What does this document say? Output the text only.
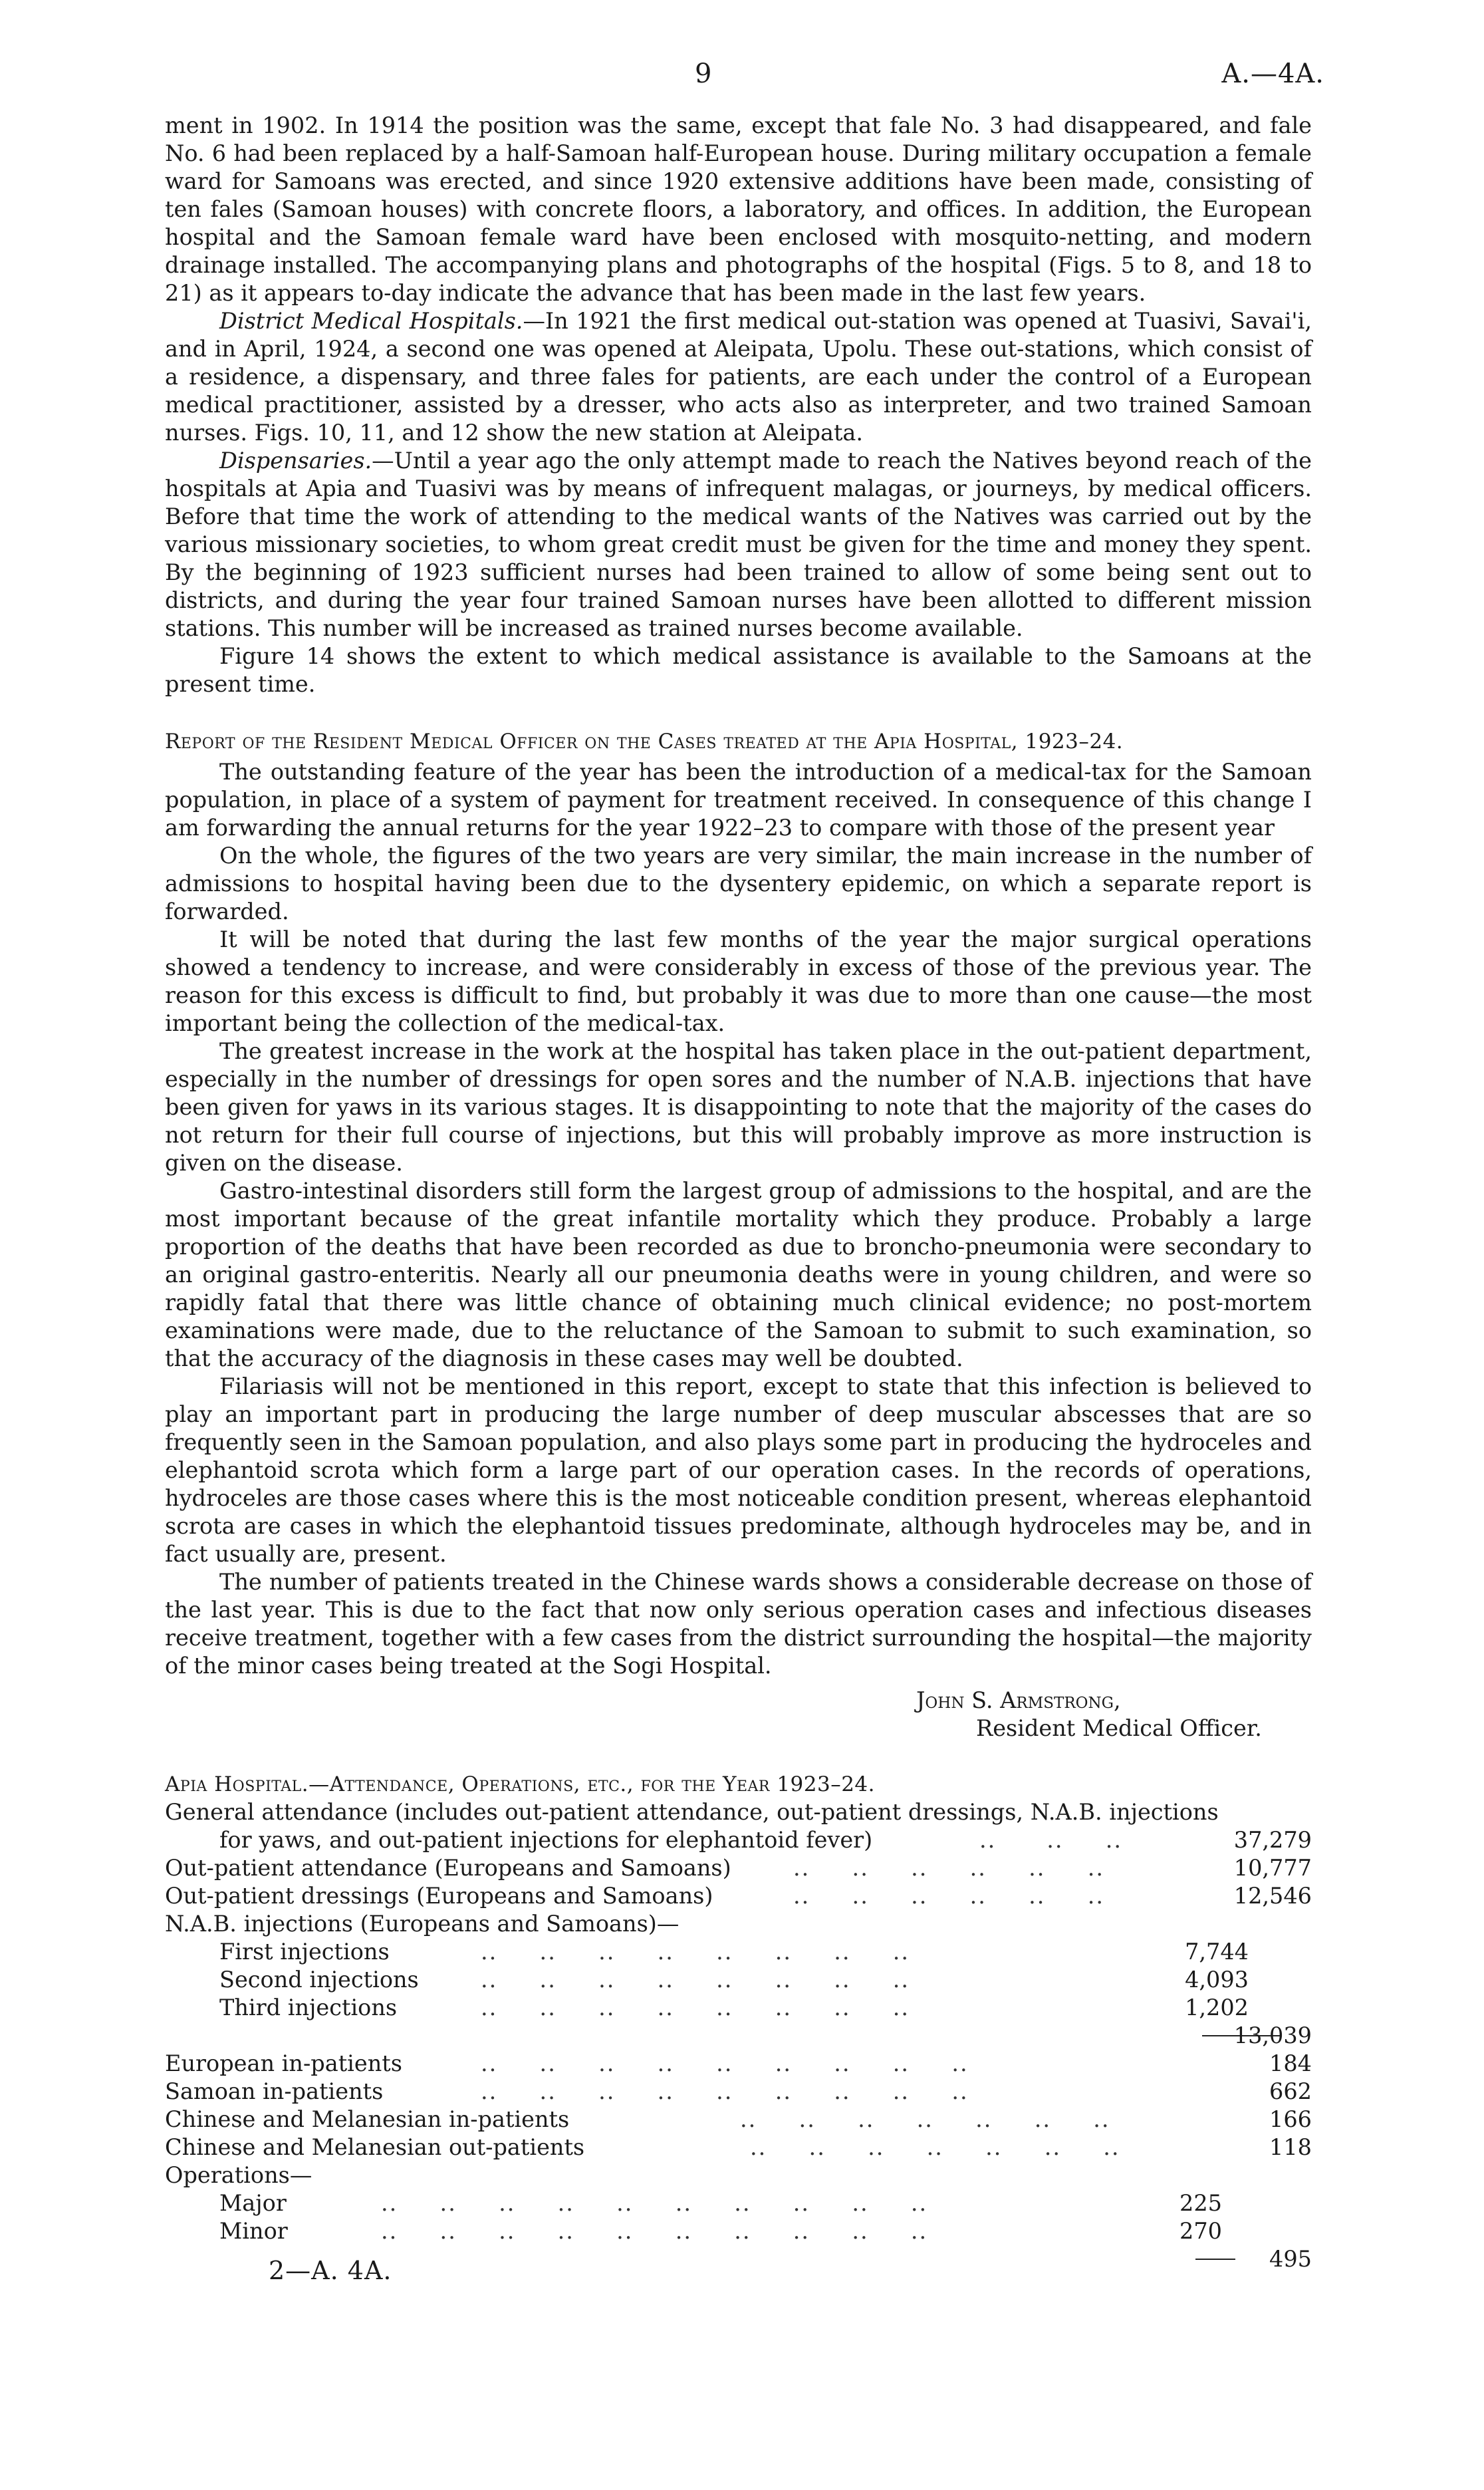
9	A.—4A.

ment in 1902. In 1914 the position was the same, except that fale No. 3 had disappeared, and fale No. 6 had been replaced by a half-Samoan half-European house. During military occupation a female ward for Samoans was erected, and since 1920 extensive additions have been made, consisting of ten fales (Samoan houses) with concrete floors, a laboratory, and offices. In addition, the European hospital and the Samoan female ward have been enclosed with mosquito-netting, and modern drainage installed. The accompanying plans and photographs of the hospital (Figs. 5 to 8, and 18 to 21) as it appears to-day indicate the advance that has been made in the last few years.

District Medical Hospitals.—In 1921 the first medical out-station was opened at Tuasivi, Savai'i, and in April, 1924, a second one was opened at Aleipata, Upolu. These out-stations, which consist of a residence, a dispensary, and three fales for patients, are each under the control of a European medical practitioner, assisted by a dresser, who acts also as interpreter, and two trained Samoan nurses. Figs. 10, 11, and 12 show the new station at Aleipata.

Dispensaries.—Until a year ago the only attempt made to reach the Natives beyond reach of the hospitals at Apia and Tuasivi was by means of infrequent malagas, or journeys, by medical officers. Before that time the work of attending to the medical wants of the Natives was carried out by the various missionary societies, to whom great credit must be given for the time and money they spent. By the beginning of 1923 sufficient nurses had been trained to allow of some being sent out to districts, and during the year four trained Samoan nurses have been allotted to different mission stations. This number will be increased as trained nurses become available.

Figure 14 shows the extent to which medical assistance is available to the Samoans at the present time.

Report of the Resident Medical Officer on the Cases treated at the Apia Hospital, 1923–24.

The outstanding feature of the year has been the introduction of a medical-tax for the Samoan population, in place of a system of payment for treatment received. In consequence of this change I am forwarding the annual returns for the year 1922–23 to compare with those of the present year

On the whole, the figures of the two years are very similar, the main increase in the number of admissions to hospital having been due to the dysentery epidemic, on which a separate report is forwarded.

It will be noted that during the last few months of the year the major surgical operations showed a tendency to increase, and were considerably in excess of those of the previous year. The reason for this excess is difficult to find, but probably it was due to more than one cause—the most important being the collection of the medical-tax.

The greatest increase in the work at the hospital has taken place in the out-patient department, especially in the number of dressings for open sores and the number of N.A.B. injections that have been given for yaws in its various stages. It is disappointing to note that the majority of the cases do not return for their full course of injections, but this will probably improve as more instruction is given on the disease.

Gastro-intestinal disorders still form the largest group of admissions to the hospital, and are the most important because of the great infantile mortality which they produce. Probably a large proportion of the deaths that have been recorded as due to broncho-pneumonia were secondary to an original gastro-enteritis. Nearly all our pneumonia deaths were in young children, and were so rapidly fatal that there was little chance of obtaining much clinical evidence; no post-mortem examinations were made, due to the reluctance of the Samoan to submit to such examination, so that the accuracy of the diagnosis in these cases may well be doubted.

Filariasis will not be mentioned in this report, except to state that this infection is believed to play an important part in producing the large number of deep muscular abscesses that are so frequently seen in the Samoan population, and also plays some part in producing the hydroceles and elephantoid scrota which form a large part of our operation cases. In the records of operations, hydroceles are those cases where this is the most noticeable condition present, whereas elephantoid scrota are cases in which the elephantoid tissues predominate, although hydroceles may be, and in fact usually are, present.

The number of patients treated in the Chinese wards shows a considerable decrease on those of the last year. This is due to the fact that now only serious operation cases and infectious diseases receive treatment, together with a few cases from the district surrounding the hospital—the majority of the minor cases being treated at the Sogi Hospital.

John S. Armstrong,
Resident Medical Officer.

Apia Hospital.—Attendance, Operations, etc., for the Year 1923–24.

General attendance (includes out-patient attendance, out-patient dressings, N.A.B. injections
for yaws, and out-patient injections for elephantoid fever)	..      ..     ..	37,279
Out-patient attendance (Europeans and Samoans)	..     ..     ..     ..     ..     ..	10,777
Out-patient dressings (Europeans and Samoans)	..     ..     ..     ..     ..     ..	12,546
N.A.B. injections (Europeans and Samoans)—
First injections	..     ..     ..     ..     ..     ..     ..     ..	7,744
Second injections	..     ..     ..     ..     ..     ..     ..     ..	4,093
Third injections	..     ..     ..     ..     ..     ..     ..     ..	1,202
13,039
European in-patients	..     ..     ..     ..     ..     ..     ..     ..     ..	184
Samoan in-patients	..     ..     ..     ..     ..     ..     ..     ..     ..	662
Chinese and Melanesian in-patients	..     ..     ..     ..     ..     ..     ..	166
Chinese and Melanesian out-patients	..     ..     ..     ..     ..     ..     ..	118
Operations—
Major	..     ..     ..     ..     ..     ..     ..     ..     ..     ..	225
Minor	..     ..     ..     ..     ..     ..     ..     ..     ..     ..	270
495
2—A. 4A.
